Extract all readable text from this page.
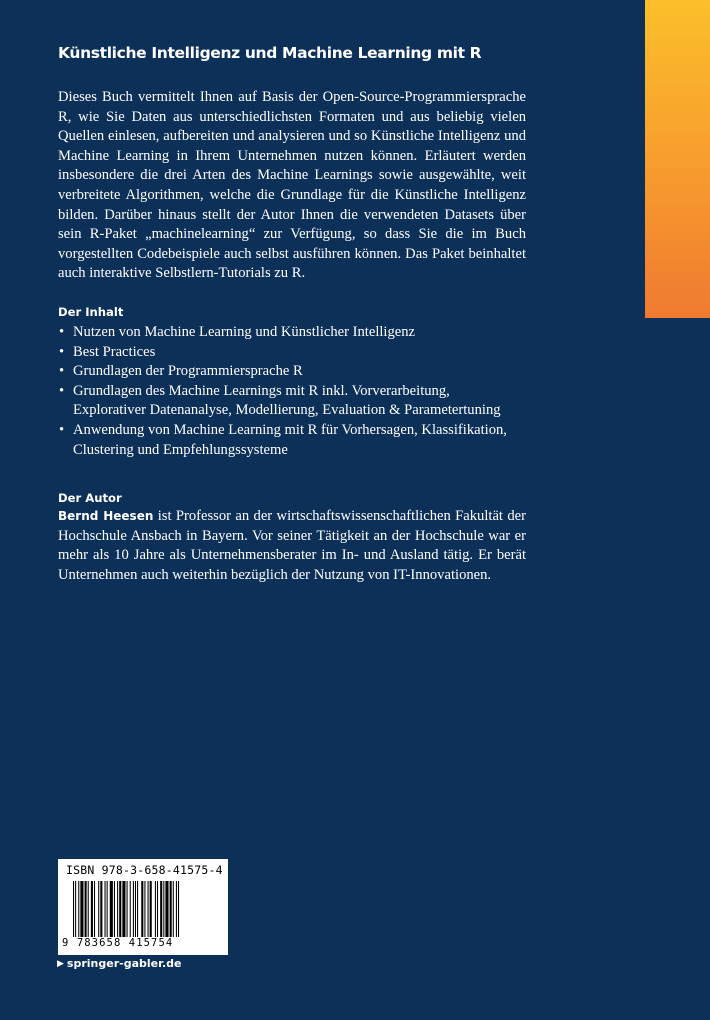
Künstliche Intelligenz und Machine Learning mit R

Dieses Buch vermittelt Ihnen auf Basis der Open-Source-Programmiersprache R, wie Sie Daten aus unterschiedlichsten Formaten und aus beliebig vielen Quellen einlesen, aufbereiten und analysieren und so Künstliche Intelligenz und Machine Learning in Ihrem Unternehmen nutzen können. Erläutert werden insbesondere die drei Arten des Machine Learnings sowie ausgewählte, weit verbreitete Algorithmen, welche die Grundlage für die Künstliche Intelligenz bilden. Darüber hinaus stellt der Autor Ihnen die verwendeten Datasets über sein R-Paket „machinelearning“ zur Verfügung, so dass Sie die im Buch vorgestellten Codebeispiele auch selbst ausführen können. Das Paket beinhaltet auch interaktive Selbstlern-Tutorials zu R.

Der Inhalt
• Nutzen von Machine Learning und Künstlicher Intelligenz
• Best Practices
• Grundlagen der Programmiersprache R
• Grundlagen des Machine Learnings mit R inkl. Vorverarbeitung, Explorativer Datenanalyse, Modellierung, Evaluation & Parametertuning
• Anwendung von Machine Learning mit R für Vorhersagen, Klassifikation, Clustering und Empfehlungssysteme
Der Autor

Bernd Heesen ist Professor an der wirtschaftswissenschaftlichen Fakultät der Hochschule Ansbach in Bayern. Vor seiner Tätigkeit an der Hochschule war er mehr als 10 Jahre als Unternehmensberater im In- und Ausland tätig. Er berät Unternehmen auch weiterhin bezüglich der Nutzung von IT-Innovationen.

ISBN 978-3-658-41575-4
9 783658 415754
▶ springer-gabler.de
